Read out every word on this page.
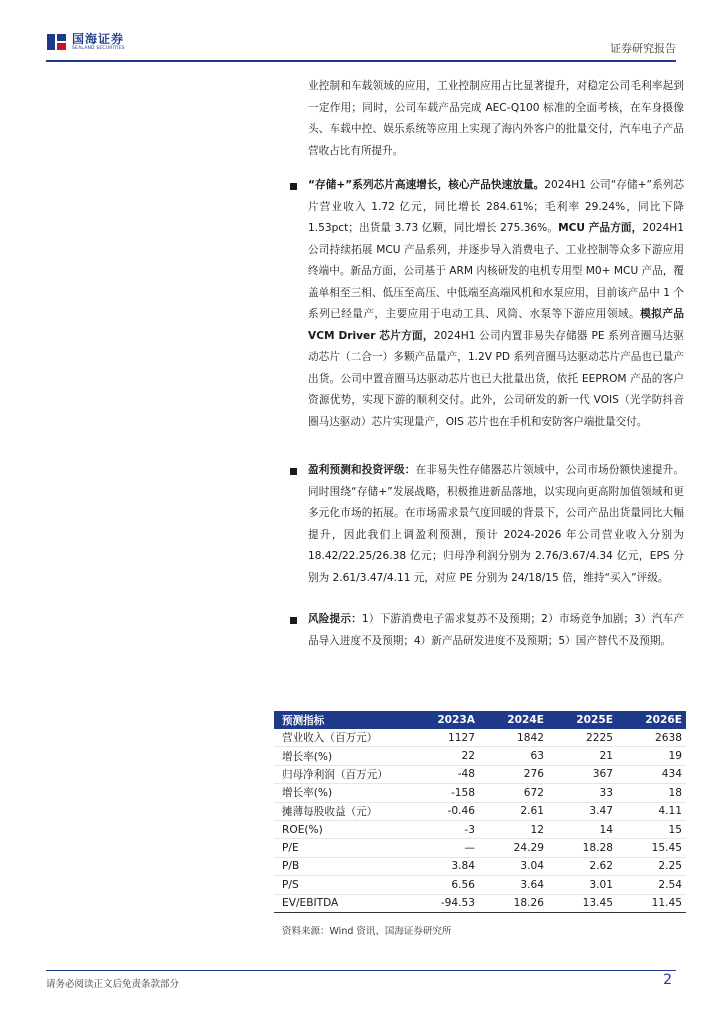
国海证券
SEALAND SECURITIES	证券研究报告
业控制和车载领域的应用，工业控制应用占比显著提升，对稳定公司毛利率起到一定作用；同时，公司车载产品完成 AEC-Q100 标准的全面考核，在车身摄像头、车载中控、娱乐系统等应用上实现了海内外客户的批量交付，汽车电子产品营收占比有所提升。
“存储+”系列芯片高速增长，核心产品快速放量。2024H1 公司“存储+”系列芯片营业收入 1.72 亿元，同比增长 284.61%；毛利率 29.24%，同比下降 1.53pct；出货量 3.73 亿颗，同比增长 275.36%。MCU 产品方面，2024H1 公司持续拓展 MCU 产品系列，并逐步导入消费电子、工业控制等众多下游应用终端中。新品方面，公司基于 ARM 内核研发的电机专用型 M0+ MCU 产品，覆盖单相至三相、低压至高压、中低端至高端风机和水泵应用，目前该产品中 1 个系列已经量产，主要应用于电动工具、风筒、水泵等下游应用领域。模拟产品 VCM Driver 芯片方面，2024H1 公司内置非易失存储器 PE 系列音圈马达驱动芯片（二合一）多颗产品量产，1.2V PD 系列音圈马达驱动芯片产品也已量产出货。公司中置音圈马达驱动芯片也已大批量出货，依托 EEPROM 产品的客户资源优势，实现下游的顺利交付。此外，公司研发的新一代 VOIS（光学防抖音圈马达驱动）芯片实现量产，OIS 芯片也在手机和安防客户端批量交付。
盈利预测和投资评级：在非易失性存储器芯片领域中，公司市场份额快速提升。同时围绕“存储+”发展战略，积极推进新品落地，以实现向更高附加值领域和更多元化市场的拓展。在市场需求景气度回暖的背景下，公司产品出货量同比大幅提升，因此我们上调盈利预测，预计 2024-2026 年公司营业收入分别为 18.42/22.25/26.38 亿元；归母净利润分别为 2.76/3.67/4.34 亿元，EPS 分别为 2.61/3.47/4.11 元，对应 PE 分别为 24/18/15 倍，维持“买入”评级。
风险提示：1）下游消费电子需求复苏不及预期；2）市场竞争加剧；3）汽车产品导入进度不及预期；4）新产品研发进度不及预期；5）国产替代不及预期。
预测指标	2023A	2024E	2025E	2026E
营业收入（百万元）	1127	1842	2225	2638
增长率(%)	22	63	21	19
归母净利润（百万元）	-48	276	367	434
增长率(%)	-158	672	33	18
摊薄每股收益（元）	-0.46	2.61	3.47	4.11
ROE(%)	-3	12	14	15
P/E	—	24.29	18.28	15.45
P/B	3.84	3.04	2.62	2.25
P/S	6.56	3.64	3.01	2.54
EV/EBITDA	-94.53	18.26	13.45	11.45
资料来源：Wind 资讯、国海证券研究所
请务必阅读正文后免责条款部分	2
